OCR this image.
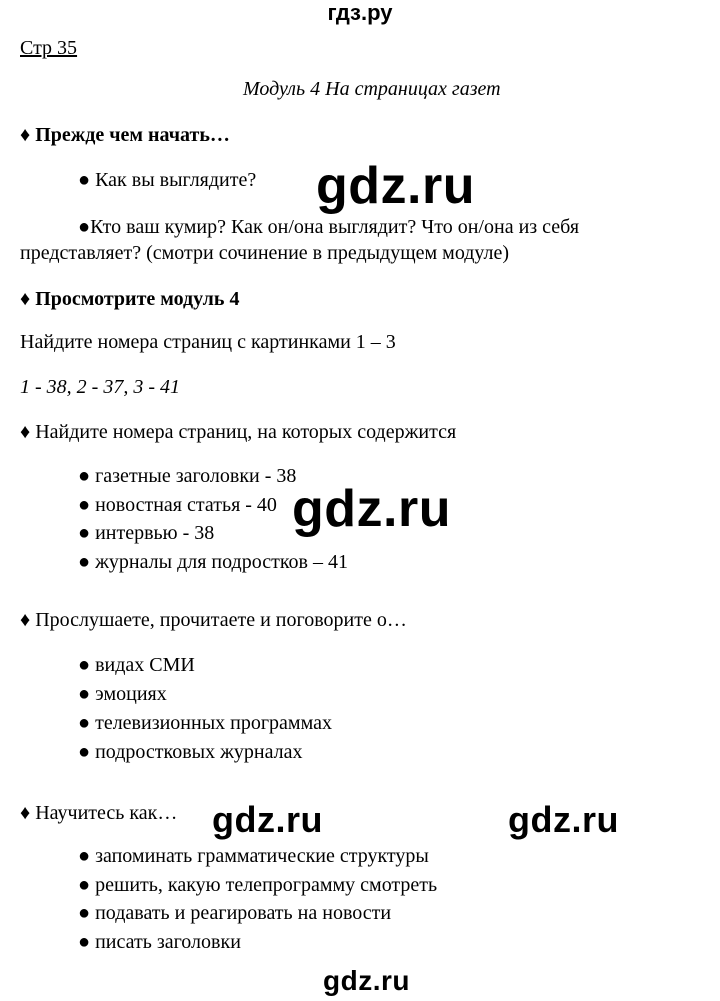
гдз.ру
Стр 35
Модуль 4 На страницах газет
♦ Прежде чем начать…
● Как вы выглядите?
●Кто ваш кумир? Как он/она выглядит? Что он/она из себя
представляет? (смотри сочинение в предыдущем модуле)
♦ Просмотрите модуль 4
Найдите номера страниц с картинками 1 – 3
1 - 38, 2 - 37, 3 - 41
♦ Найдите номера страниц, на которых содержится
● газетные заголовки - 38
● новостная статья - 40
● интервью - 38
● журналы для подростков – 41
♦ Прослушаете, прочитаете и поговорите о…
● видах СМИ
● эмоциях
● телевизионных программах
● подростковых журналах
♦ Научитесь как…
● запоминать грамматические структуры
● решить, какую телепрограмму смотреть
● подавать и реагировать на новости
● писать заголовки
gdz.ru
gdz.ru
gdz.ru	gdz.ru
gdz.ru
